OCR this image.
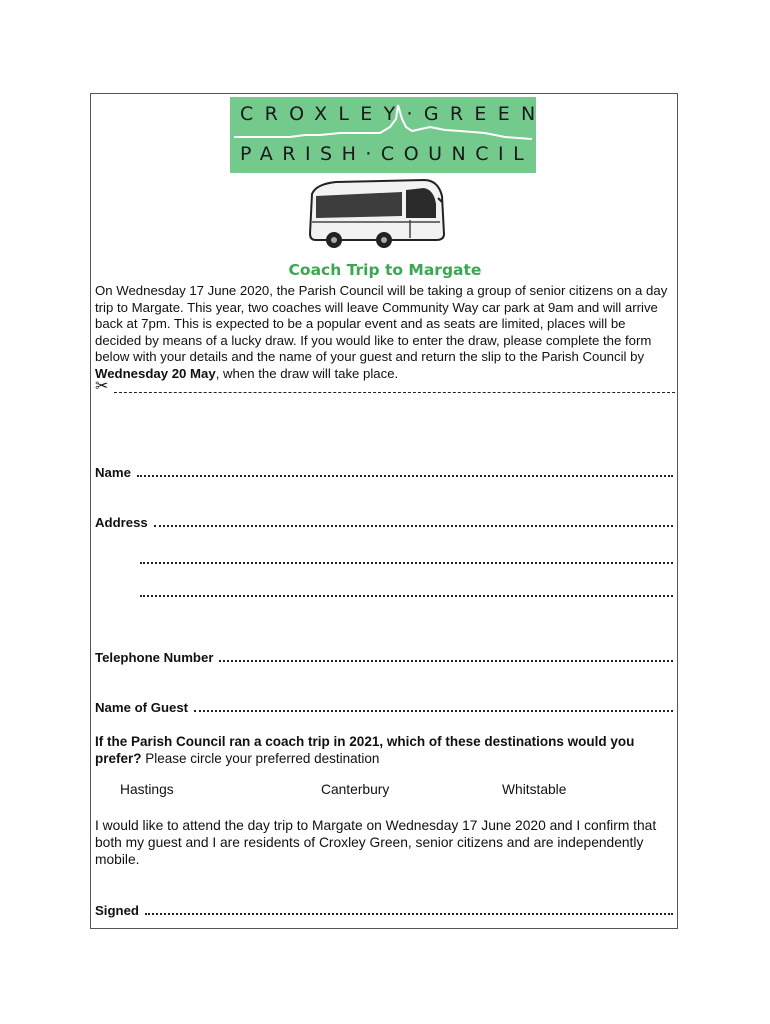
CROXLEY·GREEN
PARISH·COUNCIL
Coach Trip to Margate

On Wednesday 17 June 2020, the Parish Council will be taking a group of senior citizens on a day trip to Margate. This year, two coaches will leave Community Way car park at 9am and will arrive back at 7pm. This is expected to be a popular event and as seats are limited, places will be decided by means of a lucky draw. If you would like to enter the draw, please complete the form below with your details and the name of your guest and return the slip to the Parish Council by Wednesday 20 May, when the draw will take place.

✂
Name
Address
Telephone Number
Name of Guest
If the Parish Council ran a coach trip in 2021, which of these destinations would you prefer? Please circle your preferred destination
Hastings	Canterbury	Whitstable
I would like to attend the day trip to Margate on Wednesday 17 June 2020 and I confirm that both my guest and I are residents of Croxley Green, senior citizens and are independently mobile.
Signed
